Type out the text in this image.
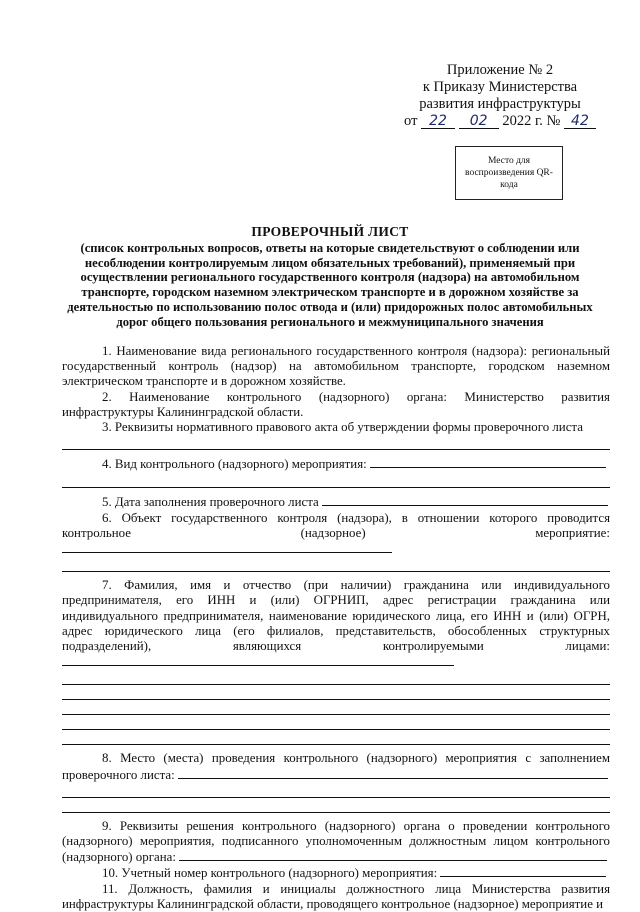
Приложение № 2
к Приказу Министерства
развития инфраструктуры
от 22 02 2022 г. № 42
Место для воспроизведения QR-кода
ПРОВЕРОЧНЫЙ ЛИСТ
(список контрольных вопросов, ответы на которые свидетельствуют о соблюдении или несоблюдении контролируемым лицом обязательных требований), применяемый при осуществлении регионального государственного контроля (надзора) на автомобильном транспорте, городском наземном электрическом транспорте и в дорожном хозяйстве за деятельностью по использованию полос отвода и (или) придорожных полос автомобильных дорог общего пользования регионального и межмуниципального значения

1. Наименование вида регионального государственного контроля (надзора): региональный государственный контроль (надзор) на автомобильном транспорте, городском наземном электрическом транспорте и в дорожном хозяйстве.

2. Наименование контрольного (надзорного) органа: Министерство развития инфраструктуры Калининградской области.

3. Реквизиты нормативного правового акта об утверждении формы проверочного листа

4. Вид контрольного (надзорного) мероприятия:

5. Дата заполнения проверочного листа

6. Объект государственного контроля (надзора), в отношении которого проводится контрольное (надзорное) мероприятие:

7. Фамилия, имя и отчество (при наличии) гражданина или индивидуального предпринимателя, его ИНН и (или) ОГРНИП, адрес регистрации гражданина или индивидуального предпринимателя, наименование юридического лица, его ИНН и (или) ОГРН, адрес юридического лица (его филиалов, представительств, обособленных структурных подразделений), являющихся контролируемыми лицами:

8. Место (места) проведения контрольного (надзорного) мероприятия с заполнением проверочного листа:

9. Реквизиты решения контрольного (надзорного) органа о проведении контрольного (надзорного) мероприятия, подписанного уполномоченным должностным лицом контрольного (надзорного) органа:

10. Учетный номер контрольного (надзорного) мероприятия:

11. Должность, фамилия и инициалы должностного лица Министерства развития инфраструктуры Калининградской области, проводящего контрольное (надзорное) мероприятие и
